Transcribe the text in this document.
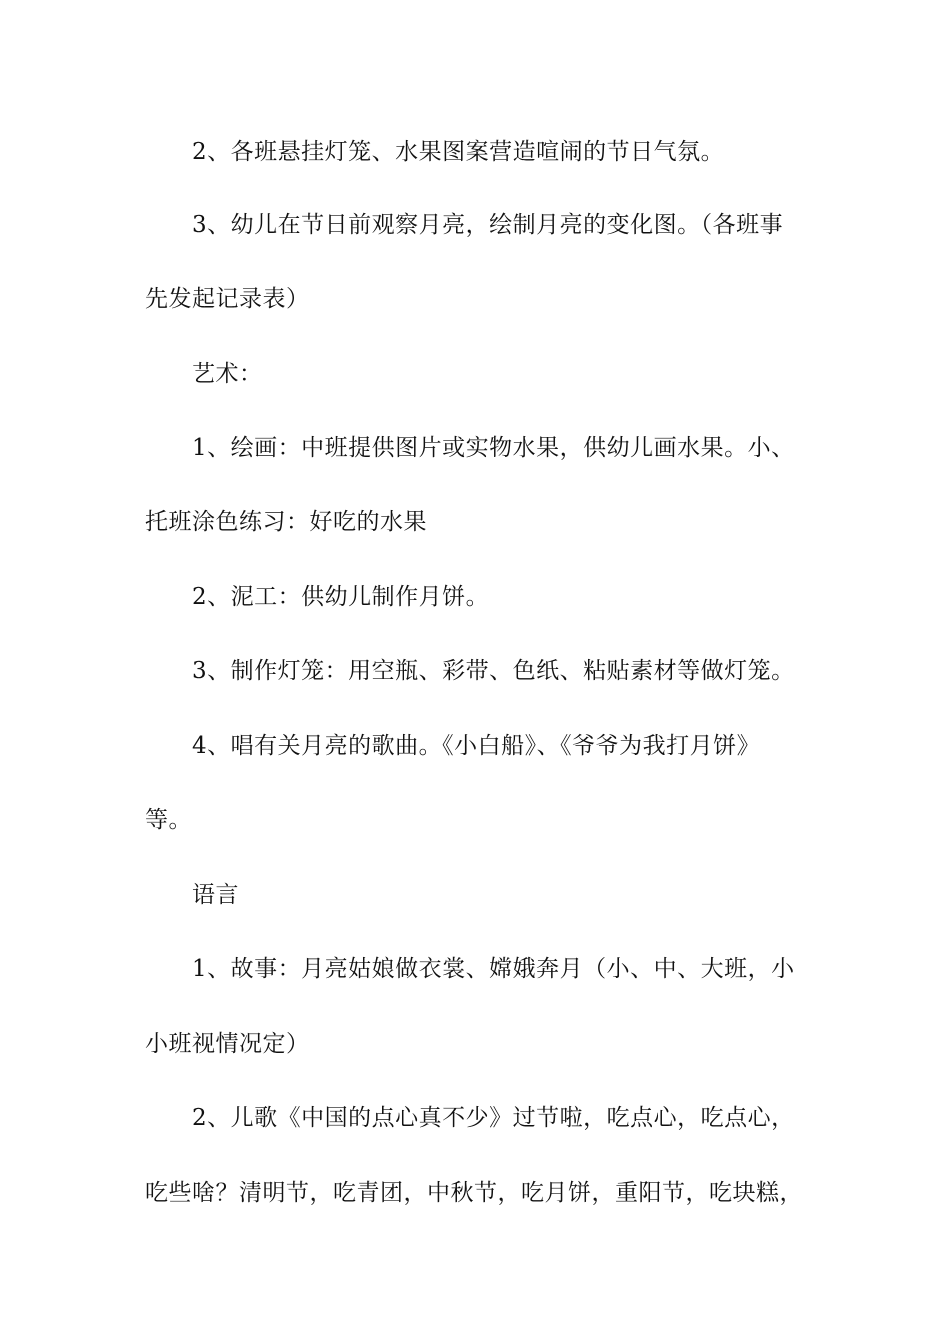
2、各班悬挂灯笼、水果图案营造喧闹的节日气氛。
3、幼儿在节日前观察月亮，绘制月亮的变化图。（各班事
先发起记录表）
艺术：
1、绘画：中班提供图片或实物水果，供幼儿画水果。小、
托班涂色练习：好吃的水果
2、泥工：供幼儿制作月饼。
3、制作灯笼：用空瓶、彩带、色纸、粘贴素材等做灯笼。
4、唱有关月亮的歌曲。《小白船》、《爷爷为我打月饼》
等。
语言
1、故事：月亮姑娘做衣裳、嫦娥奔月（小、中、大班，小
小班视情况定）
2、儿歌《中国的点心真不少》过节啦，吃点心，吃点心，
吃些啥？清明节，吃青团，中秋节，吃月饼，重阳节，吃块糕，
